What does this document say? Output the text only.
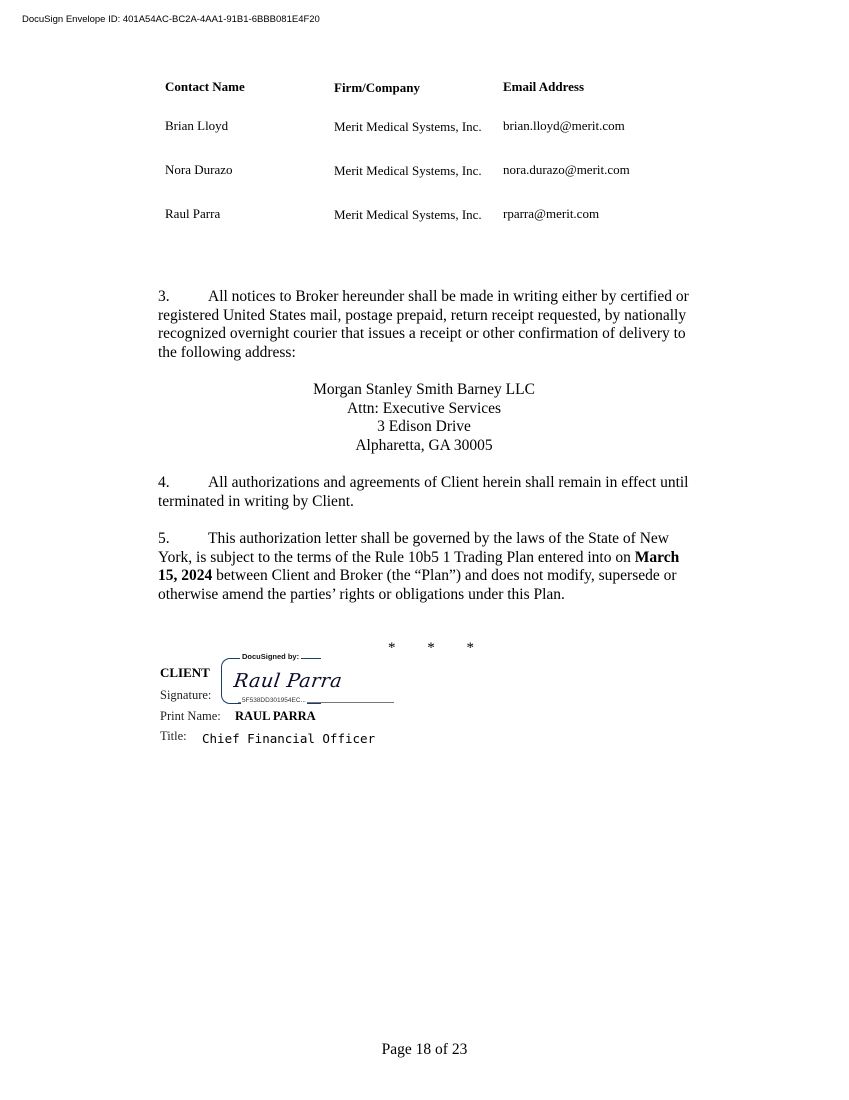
DocuSign Envelope ID: 401A54AC-BC2A-4AA1-91B1-6BBB081E4F20
Contact Name	Firm/Company	Email Address
Brian Lloyd	Merit Medical Systems, Inc.	brian.lloyd@merit.com
Nora Durazo	Merit Medical Systems, Inc.	nora.durazo@merit.com
Raul Parra	Merit Medical Systems, Inc.	rparra@merit.com

3. All notices to Broker hereunder shall be made in writing either by certified or registered United States mail, postage prepaid, return receipt requested, by nationally recognized overnight courier that issues a receipt or other confirmation of delivery to the following address:

Morgan Stanley Smith Barney LLC
Attn: Executive Services
3 Edison Drive
Alpharetta, GA 30005

4. All authorizations and agreements of Client herein shall remain in effect until terminated in writing by Client.

5. This authorization letter shall be governed by the laws of the State of New York, is subject to the terms of the Rule 10b5 1 Trading Plan entered into on March 15, 2024 between Client and Broker (the “Plan”) and does not modify, supersede or otherwise amend the parties’ rights or obligations under this Plan.

* * *
CLIENT
Signature:
DocuSigned by:
Raul Parra
5F538DD301954EC...
Print Name: RAUL PARRA
Title: Chief Financial Officer
Page 18 of 23
